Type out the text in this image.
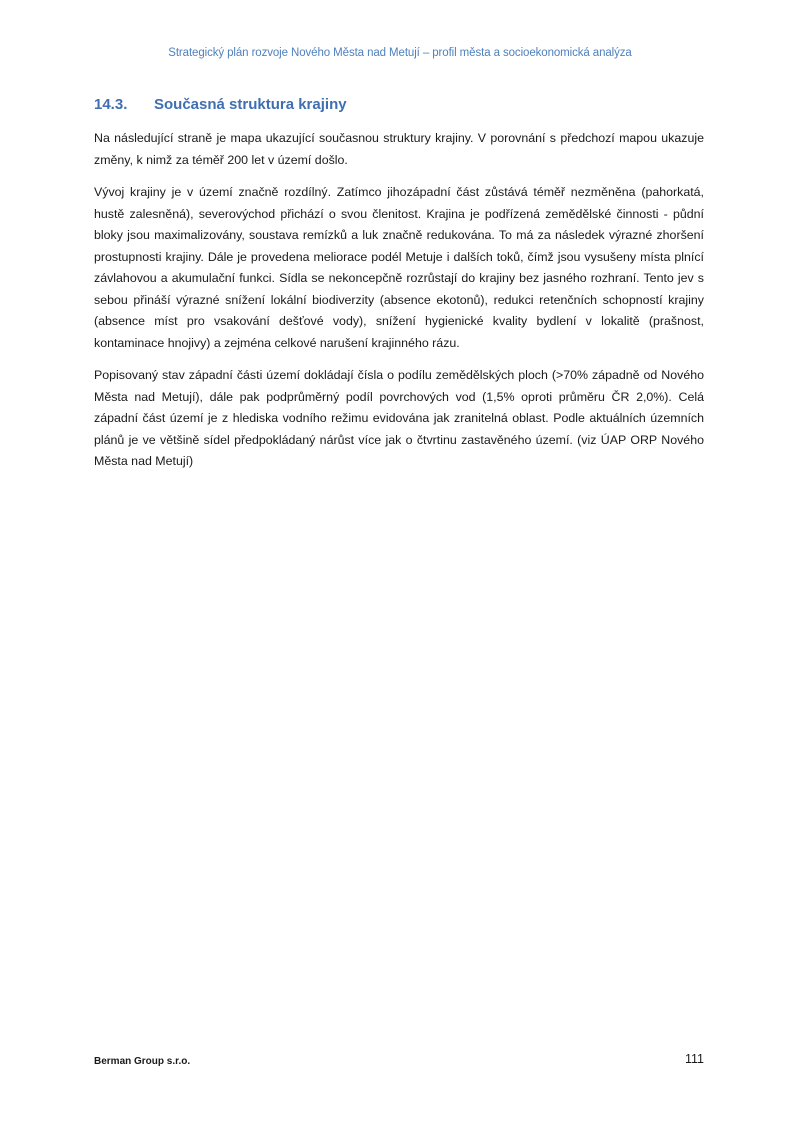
Strategický plán rozvoje Nového Města nad Metují – profil města a socioekonomická analýza
14.3.	Současná struktura krajiny

Na následující straně je mapa ukazující současnou struktury krajiny. V porovnání s předchozí mapou ukazuje změny, k nimž za téměř 200 let v území došlo.

Vývoj krajiny je v území značně rozdílný. Zatímco jihozápadní část zůstává téměř nezměněna (pahorkatá, hustě zalesněná), severovýchod přichází o svou členitost. Krajina je podřízená zemědělské činnosti - půdní bloky jsou maximalizovány, soustava remízků a luk značně redukována. To má za následek výrazné zhoršení prostupnosti krajiny. Dále je provedena meliorace podél Metuje i dalších toků, čímž jsou vysušeny místa plnící závlahovou a akumulační funkci. Sídla se nekoncepčně rozrůstají do krajiny bez jasného rozhraní. Tento jev s sebou přináší výrazné snížení lokální biodiverzity (absence ekotonů), redukci retenčních schopností krajiny (absence míst pro vsakování dešťové vody), snížení hygienické kvality bydlení v lokalitě (prašnost, kontaminace hnojivy) a zejména celkové narušení krajinného rázu.

Popisovaný stav západní části území dokládají čísla o podílu zemědělských ploch (>70% západně od Nového Města nad Metují), dále pak podprůměrný podíl povrchových vod (1,5% oproti průměru ČR 2,0%). Celá západní část území je z hlediska vodního režimu evidována jak zranitelná oblast. Podle aktuálních územních plánů je ve většině sídel předpokládaný nárůst více jak o čtvrtinu zastavěného území. (viz ÚAP ORP Nového Města nad Metují)

Berman Group s.r.o.	111
